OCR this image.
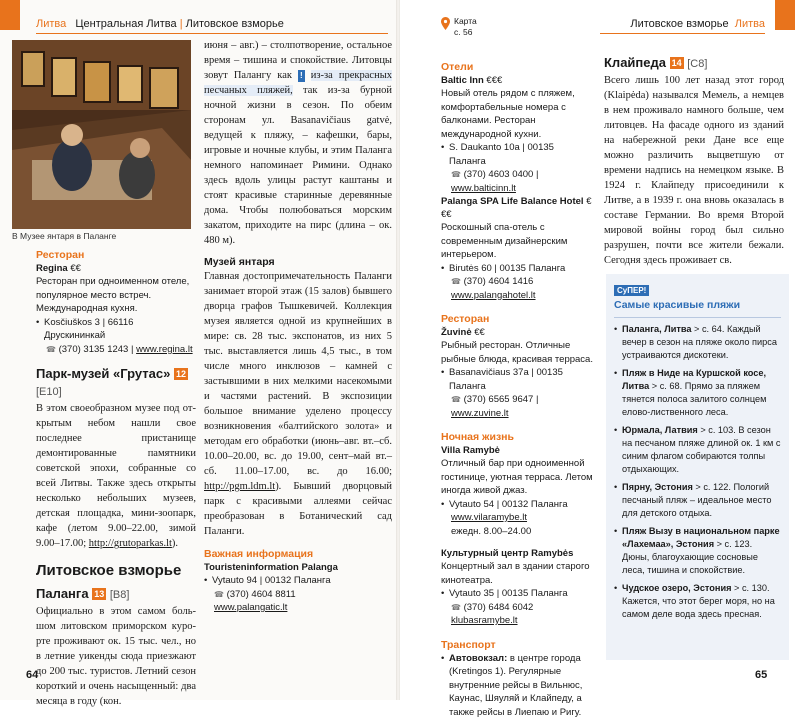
Литва Центральная Литва | Литовское взморье
В Музее янтаря в Паланге
Ресторан
Regina €€
Ресторан при одноименном отеле, популярное место встреч. Международная кухня.
• Kosčiuškos 3 | 66116 Друскининкай
☎ (370) 3135 1243 | www.regina.lt
Парк-музей «Грутас» 12 [E10]
В этом своеобразном музее под открытым небом нашли свое последнее пристанище демонтированные памятники советской эпохи, собранные со всей Литвы. Также здесь открыты несколько небольших музеев, детская площадка, мини-зоопарк, кафе (летом 9.00–22.00, зимой 9.00–17.00; http://grutoparkas.lt).
Литовское взморье
Паланга 13 [B8]
Официально в этом самом большом литовском приморском курорте проживают ок. 15 тыс. чел., но в летние уикенды сюда приезжают до 200 тыс. туристов. Летний сезон короткий и очень насыщенный: два месяца в году (кон.
июня – авг.) – столпотворение, остальное время – тишина и спокойствие. Литовцы зовут Палангу как ! из-за прекрасных песчаных пляжей, так из-за бурной ночной жизни в сезон. По обеим сторонам ул. Basanavičiaus gatvė, ведущей к пляжу, – кафешки, бары, игровые и ночные клубы, и этим Паланга немного напоминает Римини. Однако здесь вдоль улицы растут каштаны и стоят красивые старинные деревянные дома. Чтобы полюбоваться морским закатом, приходите на пирс (длина – ок. 480 м).
Музей янтаря
Главная достопримечательность Паланги занимает второй этаж (15 залов) бывшего дворца графов Тышкевичей. Коллекция музея является одной из крупнейших в мире: св. 28 тыс. экспонатов, из них 5 тыс. выставляется лишь 4,5 тыс., в том числе много инклюзов – камней с застывшими в них мелкими насекомыми и частями растений. В экспозиции большое внимание уделено процессу возникновения «балтийского золота» и методам его обработки (июнь–авг. вт.–сб. 10.00–20.00, вс. до 19.00, сент–май вт.–сб. 11.00–17.00, вс. до 16.00; http://pgm.ldm.lt). Бывший дворцовый парк с красивыми аллеями сейчас преобразован в Ботанический сад Паланги.
Важная информация
Touristeninformation Palanga
• Vytauto 94 | 00132 Паланга
☎ (370) 4604 8811
www.palangatic.lt
64
Карта
с. 56
Литовское взморье Литва
Отели
Baltic Inn €€€
Новый отель рядом с пляжем, комфортабельные номера с балконами. Ресторан международной кухни.
• S. Daukanto 10a | 00135 Паланга
☎ (370) 4603 0400 | www.balticinn.lt
Palanga SPA Life Balance Hotel €€€
Роскошный спа-отель с современным дизайнерским интерьером.
• Birutės 60 | 00135 Паланга
☎ (370) 4604 1416
www.palangahotel.lt
Ресторан
Žuvinė €€
Рыбный ресторан. Отличные рыбные блюда, красивая терраса.
• Basanavičiaus 37a | 00135 Паланга
☎ (370) 6565 9647 | www.zuvine.lt
Ночная жизнь
Villa Ramybė
Отличный бар при одноименной гостинице, уютная терраса. Летом иногда живой джаз.
• Vytauto 54 | 00132 Паланга
www.vilaramybe.lt
ежедн. 8.00–24.00
Культурный центр Ramybės
Концертный зал в здании старого кинотеатра.
• Vytauto 35 | 00135 Паланга
☎ (370) 6484 6042
klubasramybe.lt
Транспорт
• Автовокзал: в центре города (Kretingos 1). Регулярные внутренние рейсы в Вильнюс, Каунас, Шяуляй и Клайпеду, а также рейсы в Лиепаю и Ригу.
Клайпеда 14 [C8]
Всего лишь 100 лет назад этот город (Klaipėda) назывался Мемель, а немцев в нем проживало намного больше, чем литовцев. На фасаде одного из зданий на набережной реки Дане все еще можно различить выцветшую от времени надпись на немецком языке. В 1924 г. Клайпеду присоединили к Литве, а в 1939 г. она вновь оказалась в составе Германии. Во время Второй мировой войны город был сильно разрушен, почти все жители бежали. Сегодня здесь проживает св.
СуПЕР!
Самые красивые пляжи
• Паланга, Литва > с. 64. Каждый вечер в сезон на пляже около пирса устраиваются дискотеки.
• Пляж в Ниде на Куршской косе, Литва > с. 68. Прямо за пляжем тянется полоса залитого солнцем елово-лиственного леса.
• Юрмала, Латвия > с. 103. В сезон на песчаном пляже длиной ок. 1 км с синим флагом собираются толпы отдыхающих.
• Пярну, Эстония > с. 122. Пологий песчаный пляж – идеальное место для детского отдыха.
• Пляж Вызу в национальном парке «Лахемаа», Эстония > с. 123. Дюны, благоухающие сосновые леса, тишина и спокойствие.
• Чудское озеро, Эстония > с. 130. Кажется, что этот берег моря, но на самом деле вода здесь пресная.
65
